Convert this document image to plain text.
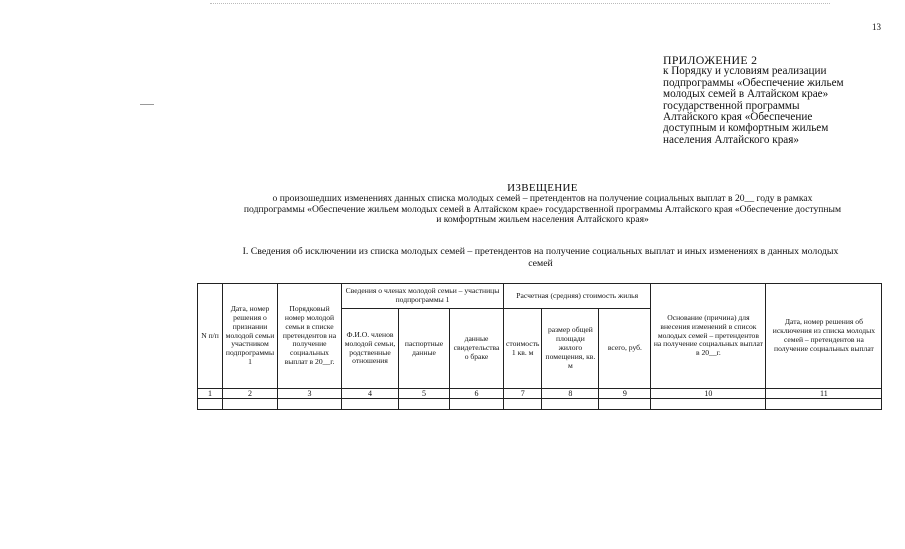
13
ПРИЛОЖЕНИЕ 2
к Порядку и условиям реализации
подпрограммы «Обеспечение жильем
молодых семей в Алтайском крае»
государственной программы
Алтайского края «Обеспечение
доступным и комфортным жильем
населения Алтайского края»
ИЗВЕЩЕНИЕ
о произошедших изменениях данных списка молодых семей – претендентов на получение социальных выплат в 20__ году в рамках
подпрограммы «Обеспечение жильем молодых семей в Алтайском крае» государственной программы Алтайского края «Обеспечение доступным
и комфортным жильем населения Алтайского края»
I. Сведения об исключении из списка молодых семей – претендентов на получение социальных выплат и иных изменениях в данных молодых
семей
N п/п	Дата, номер решения о признании молодой семьи участником подпрограммы 1	Порядковый номер молодой семьи в списке претендентов на получение социальных выплат в 20__г.	Сведения о членах молодой семьи – участницы подпрограммы 1			Расчетная (средняя) стоимость жилья			Основание (причина) для внесения изменений в список молодых семей – претендентов на получение социальных выплат в 20__г.	Дата, номер решения об исключения из списка молодых семей – претендентов на получение социальных выплат
			Ф.И.О. членов молодой семьи, родственные отношения	паспортные данные	данные свидетельства о браке	стоимость 1 кв. м	размер общей площади жилого помещения, кв. м	всего, руб.		
1	2	3	4	5	6	7	8	9	10	11
